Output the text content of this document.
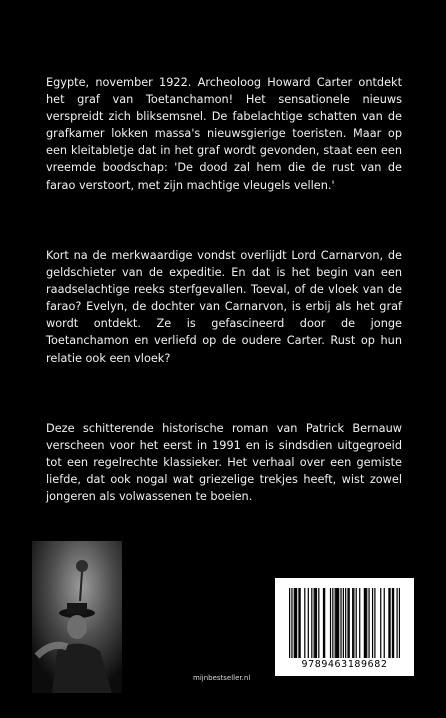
Egypte, november 1922. Archeoloog Howard Carter ontdekt het graf van Toetanchamon! Het sensationele nieuws verspreidt zich bliksemsnel. De fabelachtige schatten van de grafkamer lokken massa's nieuwsgierige toeristen. Maar op een kleitabletje dat in het graf wordt gevonden, staat een een vreemde boodschap: 'De dood zal hem die de rust van de farao verstoort, met zijn machtige vleugels vellen.'

Kort na de merkwaardige vondst overlijdt Lord Carnarvon, de geldschieter van de expeditie. En dat is het begin van een raadselachtige reeks sterfgevallen. Toeval, of de vloek van de farao? Evelyn, de dochter van Carnarvon, is erbij als het graf wordt ontdekt. Ze is gefascineerd door de jonge Toetanchamon en verliefd op de oudere Carter. Rust op hun relatie ook een vloek?

Deze schitterende historische roman van Patrick Bernauw verscheen voor het eerst in 1991 en is sindsdien uitgegroeid tot een regelrechte klassieker. Het verhaal over een gemiste liefde, dat ook nogal wat griezelige trekjes heeft, wist zowel jongeren als volwassenen te boeien.

mijnbestseller.nl
9789463189682
